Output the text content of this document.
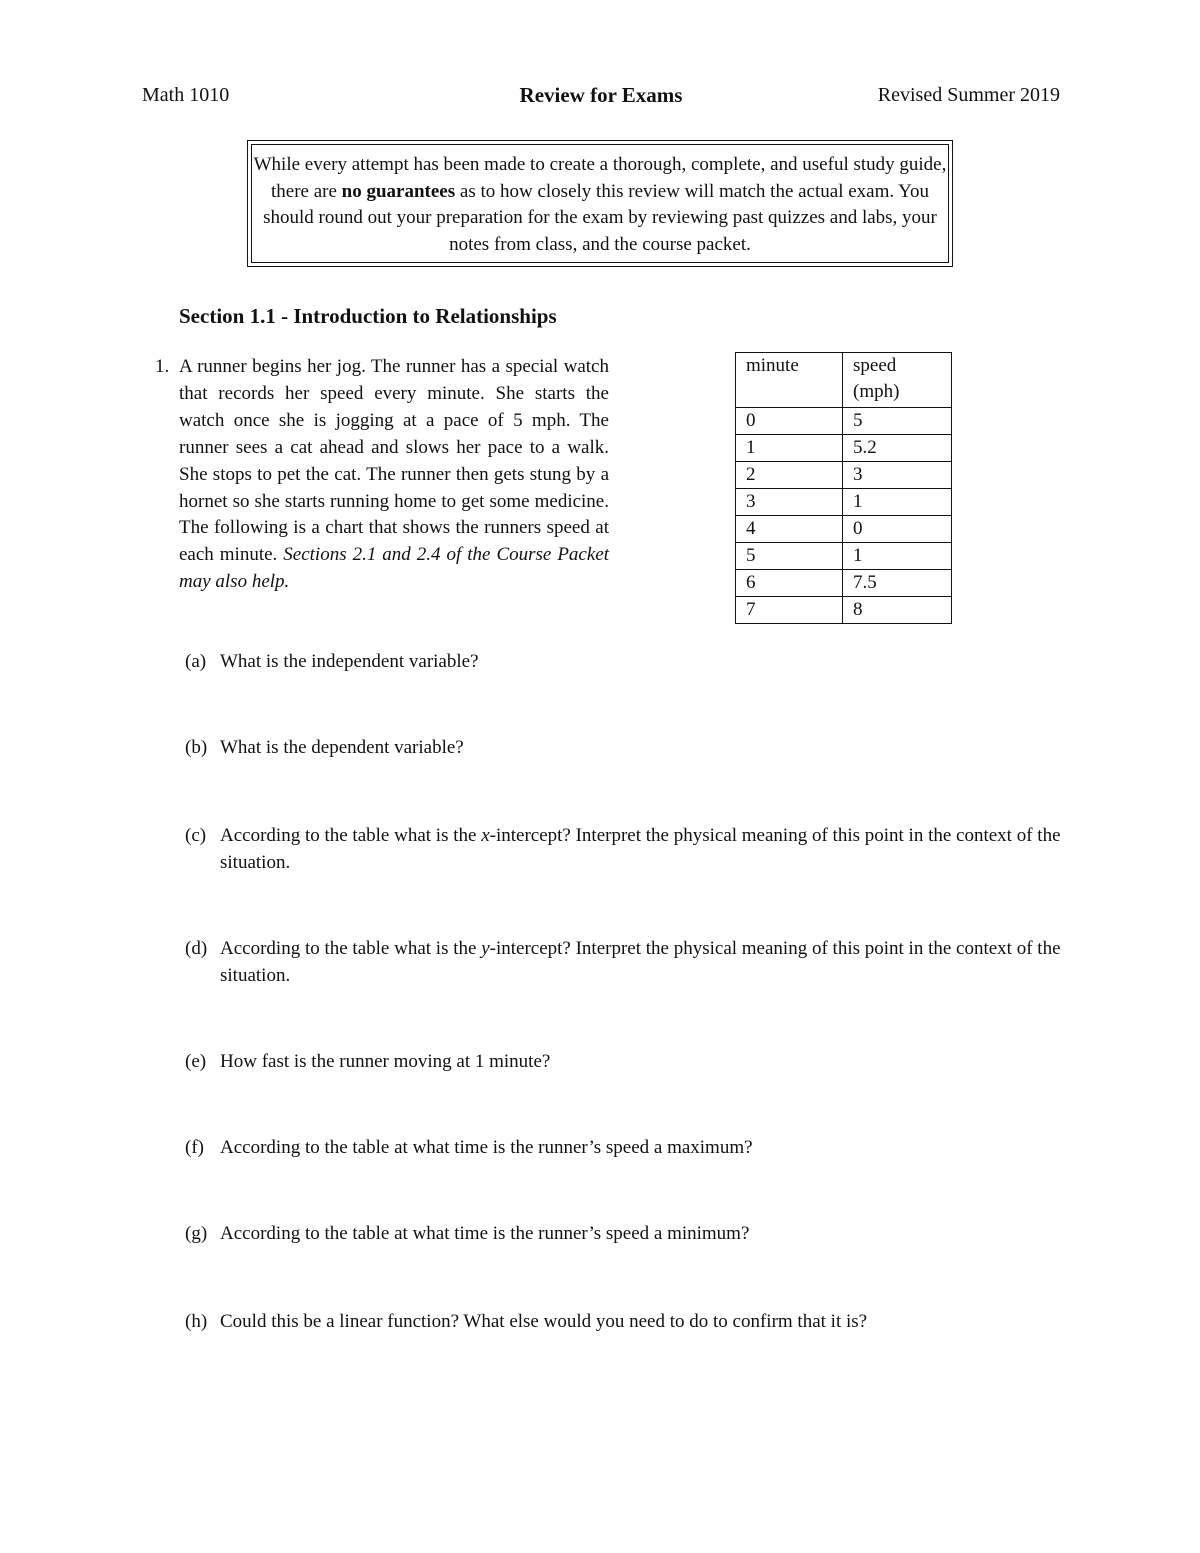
Math 1010	Review for Exams	Revised Summer 2019
While every attempt has been made to create a thorough, complete, and useful study guide, there are no guarantees as to how closely this review will match the actual exam. You should round out your preparation for the exam by reviewing past quizzes and labs, your notes from class, and the course packet.
Section 1.1 - Introduction to Relationships
1. A runner begins her jog. The runner has a special watch that records her speed every minute. She starts the watch once she is jogging at a pace of 5 mph. The runner sees a cat ahead and slows her pace to a walk. She stops to pet the cat. The runner then gets stung by a hornet so she starts running home to get some medicine. The following is a chart that shows the runners speed at each minute. Sections 2.1 and 2.4 of the Course Packet may also help.
minute	speed (mph)
0	5
1	5.2
2	3
3	1
4	0
5	1
6	7.5
7	8
(a) What is the independent variable?
(b) What is the dependent variable?
(c) According to the table what is the x-intercept? Interpret the physical meaning of this point in the context of the situation.
(d) According to the table what is the y-intercept? Interpret the physical meaning of this point in the context of the situation.
(e) How fast is the runner moving at 1 minute?
(f) According to the table at what time is the runner’s speed a maximum?
(g) According to the table at what time is the runner’s speed a minimum?
(h) Could this be a linear function? What else would you need to do to confirm that it is?
